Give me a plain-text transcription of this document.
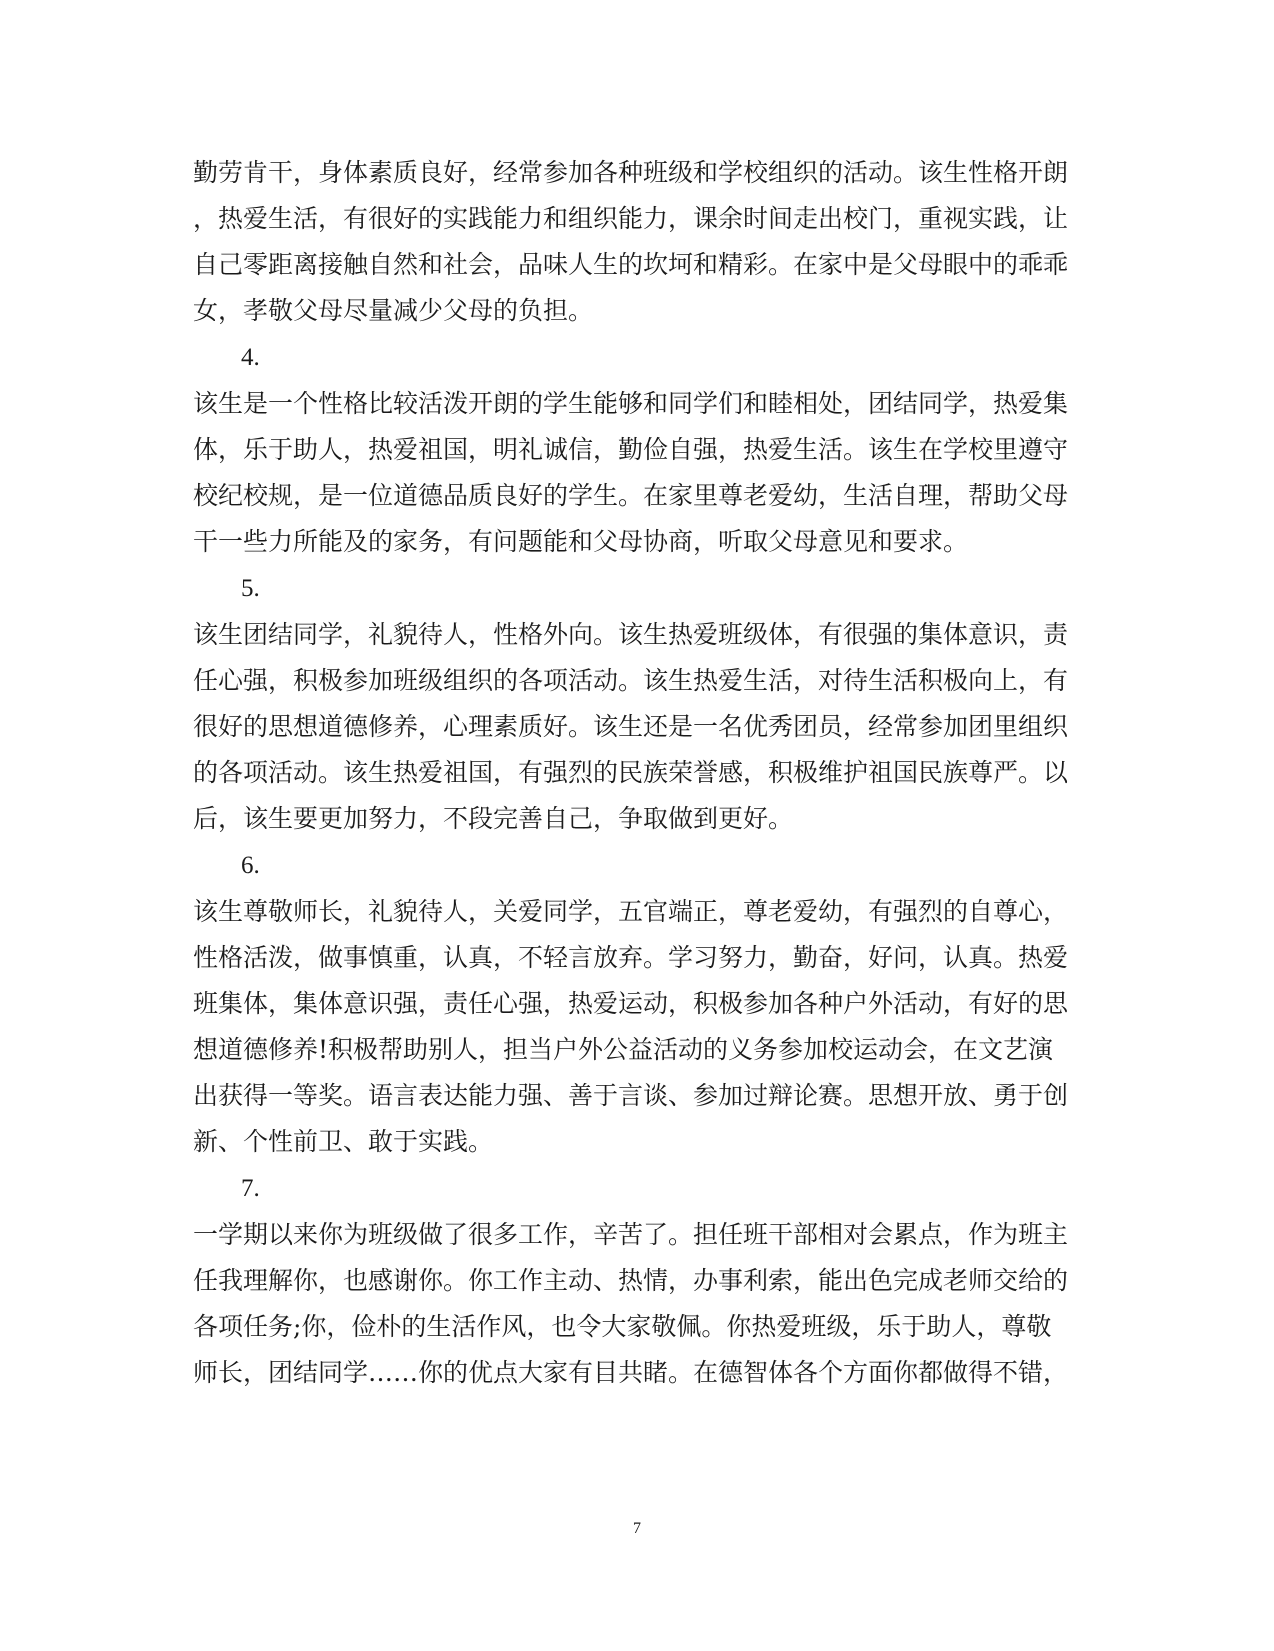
勤劳肯干，身体素质良好，经常参加各种班级和学校组织的活动。该生性格开朗
，热爱生活，有很好的实践能力和组织能力，课余时间走出校门，重视实践，让
自己零距离接触自然和社会，品味人生的坎坷和精彩。在家中是父母眼中的乖乖
女，孝敬父母尽量减少父母的负担。
4.
该生是一个性格比较活泼开朗的学生能够和同学们和睦相处，团结同学，热爱集
体，乐于助人，热爱祖国，明礼诚信，勤俭自强，热爱生活。该生在学校里遵守
校纪校规，是一位道德品质良好的学生。在家里尊老爱幼，生活自理，帮助父母
干一些力所能及的家务，有问题能和父母协商，听取父母意见和要求。
5.
该生团结同学，礼貌待人，性格外向。该生热爱班级体，有很强的集体意识，责
任心强，积极参加班级组织的各项活动。该生热爱生活，对待生活积极向上，有
很好的思想道德修养，心理素质好。该生还是一名优秀团员，经常参加团里组织
的各项活动。该生热爱祖国，有强烈的民族荣誉感，积极维护祖国民族尊严。以
后，该生要更加努力，不段完善自己，争取做到更好。
6.
该生尊敬师长，礼貌待人，关爱同学，五官端正，尊老爱幼，有强烈的自尊心，
性格活泼，做事慎重，认真，不轻言放弃。学习努力，勤奋，好问，认真。热爱
班集体，集体意识强，责任心强，热爱运动，积极参加各种户外活动，有好的思
想道德修养!积极帮助别人，担当户外公益活动的义务参加校运动会，在文艺演
出获得一等奖。语言表达能力强、善于言谈、参加过辩论赛。思想开放、勇于创
新、个性前卫、敢于实践。
7.
一学期以来你为班级做了很多工作，辛苦了。担任班干部相对会累点，作为班主
任我理解你，也感谢你。你工作主动、热情，办事利索，能出色完成老师交给的
各项任务;你，俭朴的生活作风，也令大家敬佩。你热爱班级，乐于助人，尊敬
师长，团结同学……你的优点大家有目共睹。在德智体各个方面你都做得不错，
7
